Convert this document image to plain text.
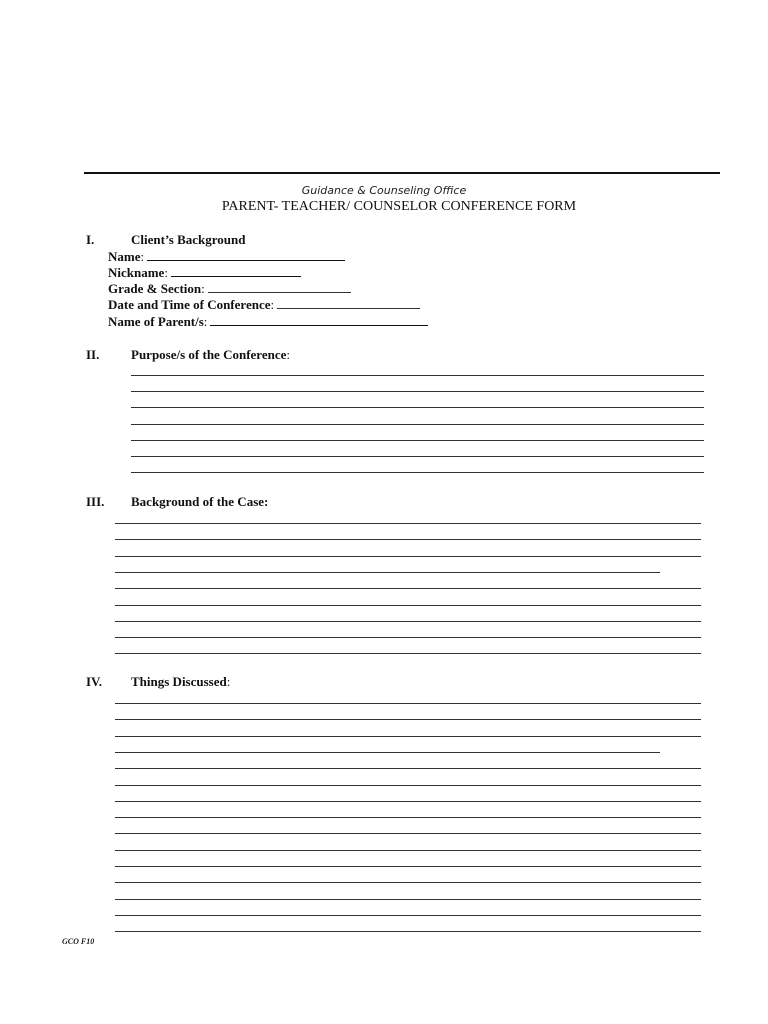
Guidance & Counseling Office
PARENT- TEACHER/ COUNSELOR CONFERENCE FORM
I.	Client’s Background
Name:
Nickname:
Grade & Section:
Date and Time of Conference:
Name of Parent/s:
II. Purpose/s of the Conference:
III. Background of the Case:
IV. Things Discussed:
GCO F10
